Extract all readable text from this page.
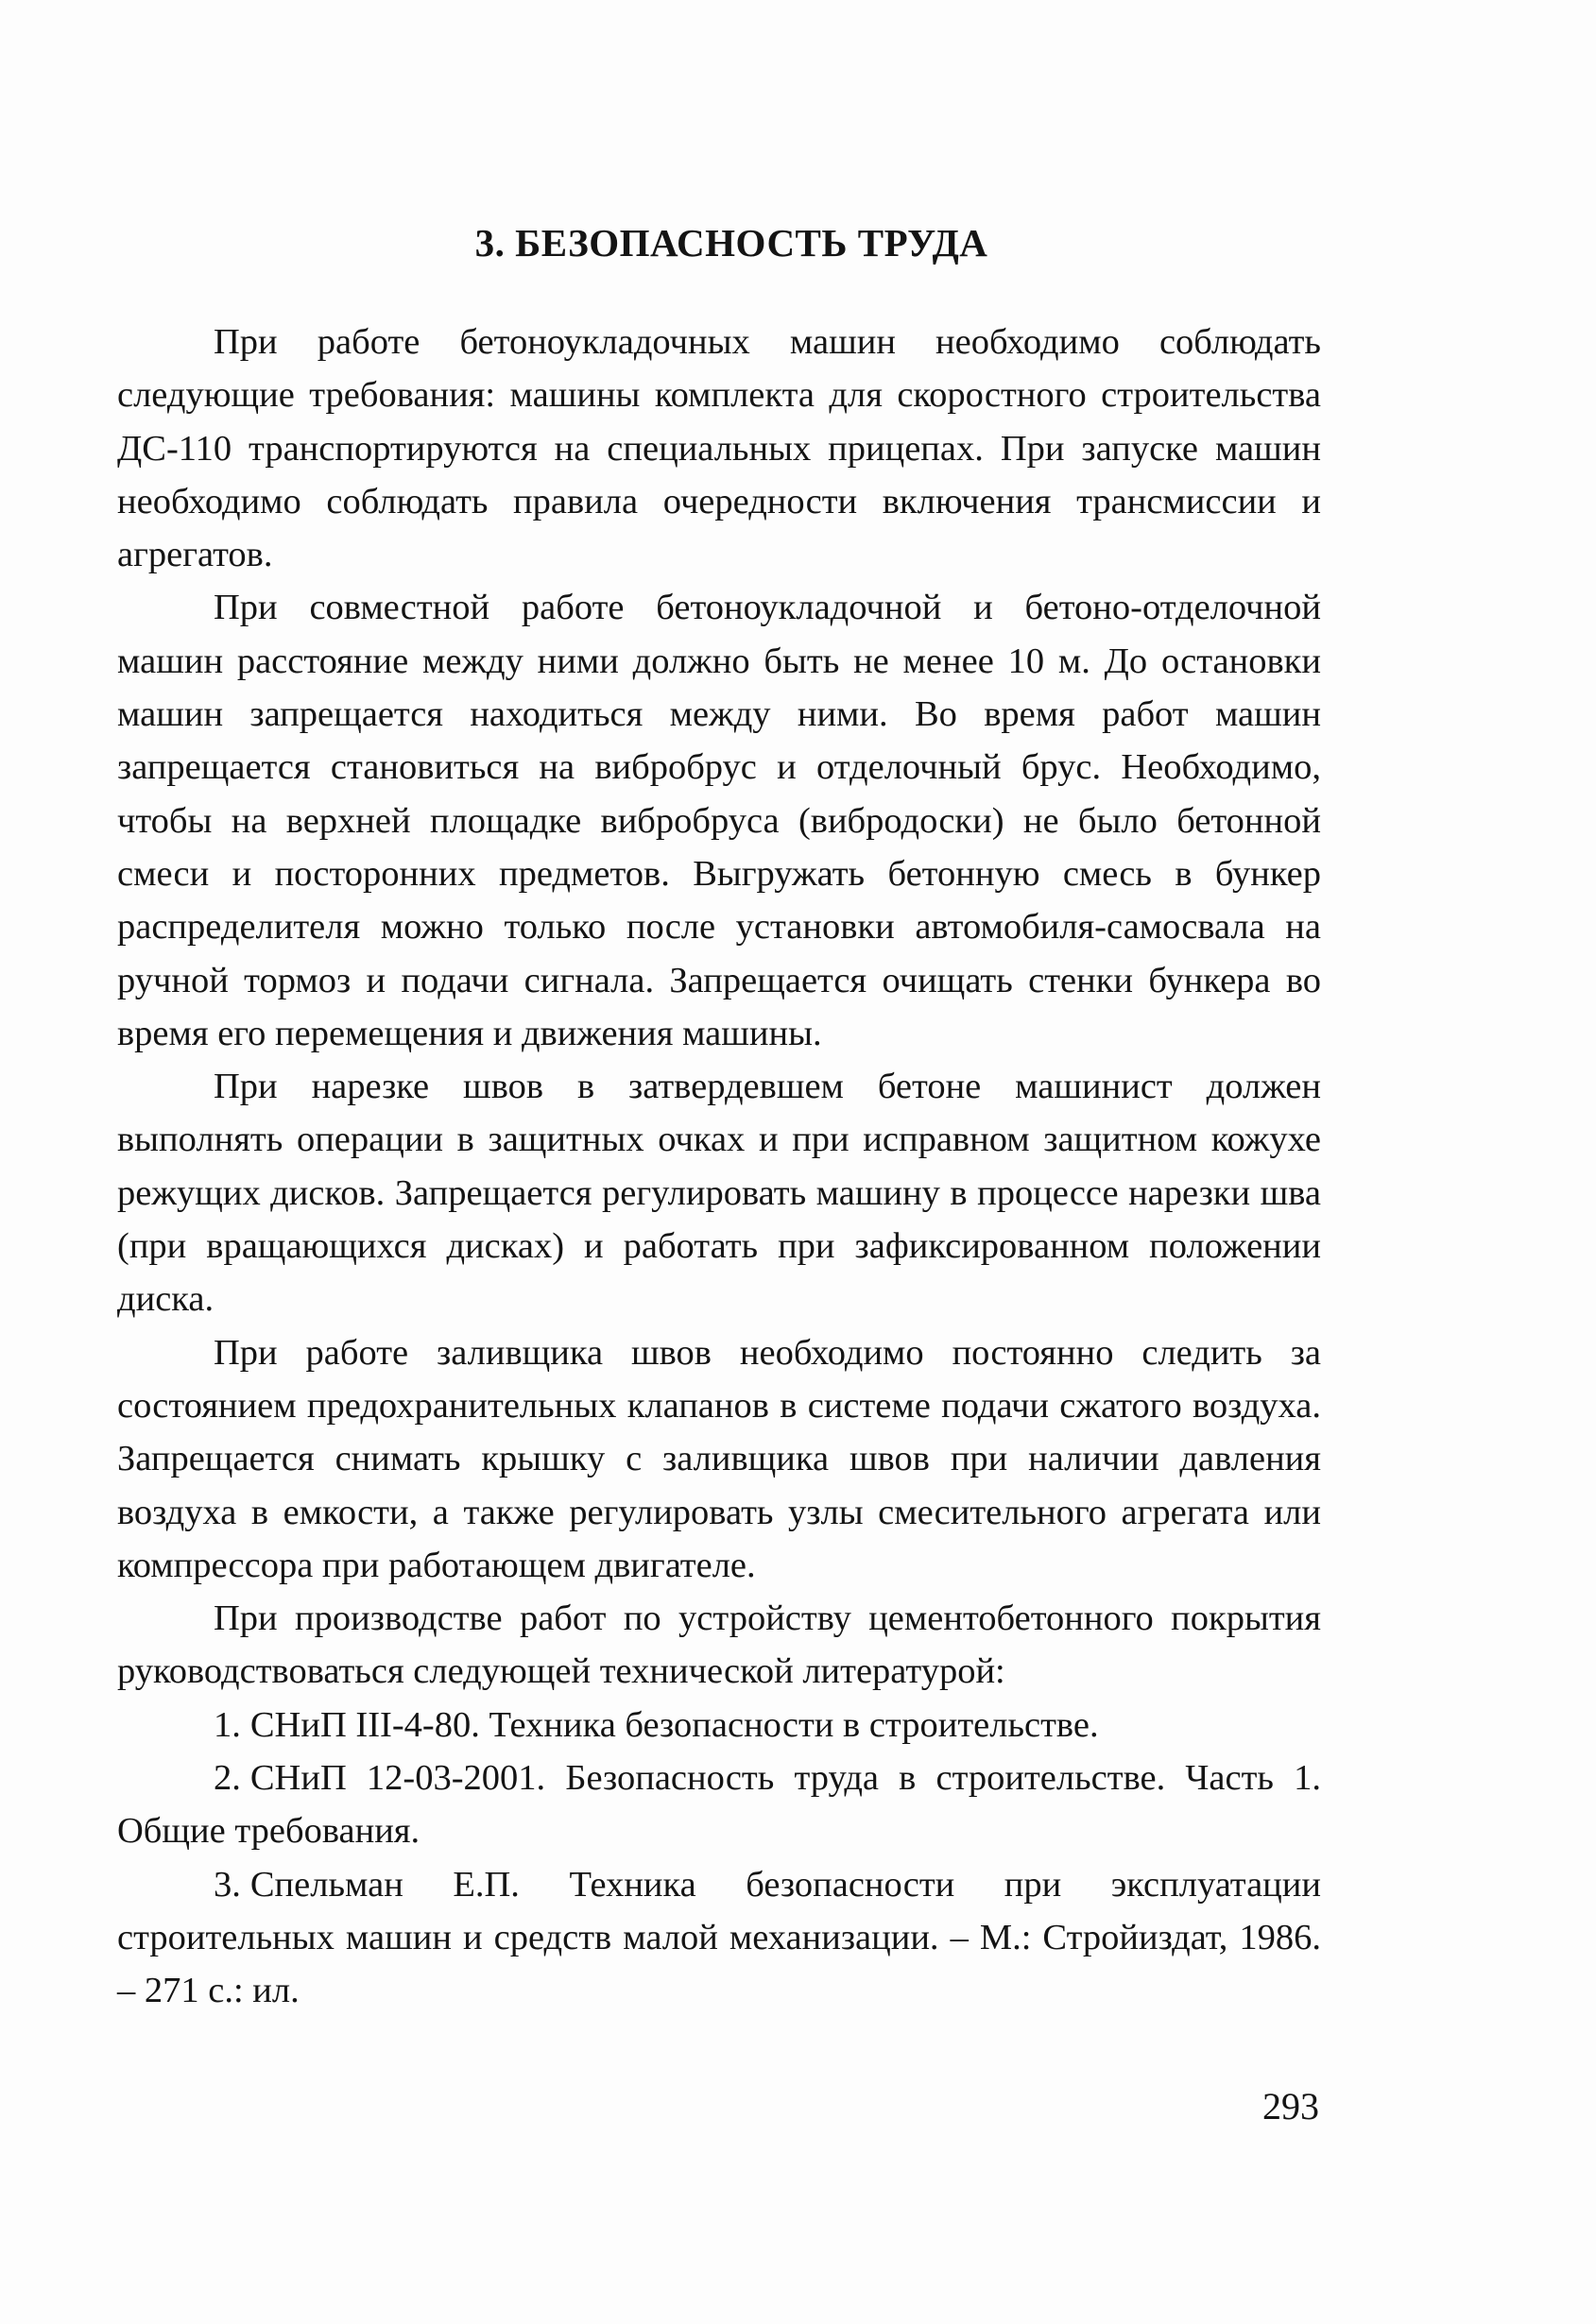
3. БЕЗОПАСНОСТЬ ТРУДА

При работе бетоноукладочных машин необходимо соблюдать следующие требования: машины комплекта для скоростного строительства ДС-110 транспортируются на специальных прицепах. При запуске машин необходимо соблюдать правила очередности включения трансмиссии и агрегатов.

При совместной работе бетоноукладочной и бетоно-отделочной машин расстояние между ними должно быть не менее 10 м. До остановки машин запрещается находиться между ними. Во время работ машин запрещается становиться на вибробрус и отделочный брус. Необходимо, чтобы на верхней площадке вибробруса (вибродоски) не было бетонной смеси и посторонних предметов. Выгружать бетонную смесь в бункер распределителя можно только после установки автомобиля-самосвала на ручной тормоз и подачи сигнала. Запрещается очищать стенки бункера во время его перемещения и движения машины.

При нарезке швов в затвердевшем бетоне машинист должен выполнять операции в защитных очках и при исправном защитном кожухе режущих дисков. Запрещается регулировать машину в процессе нарезки шва (при вращающихся дисках) и работать при зафиксированном положении диска.

При работе заливщика швов необходимо постоянно следить за состоянием предохранительных клапанов в системе подачи сжатого воздуха. Запрещается снимать крышку с заливщика швов при наличии давления воздуха в емкости, а также регулировать узлы смесительного агрегата или компрессора при работающем двигателе.

При производстве работ по устройству цементобетонного покрытия руководствоваться следующей технической литературой:

1. СНиП III-4-80. Техника безопасности в строительстве.

2. СНиП 12-03-2001. Безопасность труда в строительстве. Часть 1. Общие требования.

3. Спельман Е.П. Техника безопасности при эксплуатации строительных машин и средств малой механизации. – М.: Стройиздат, 1986. – 271 с.: ил.

293
